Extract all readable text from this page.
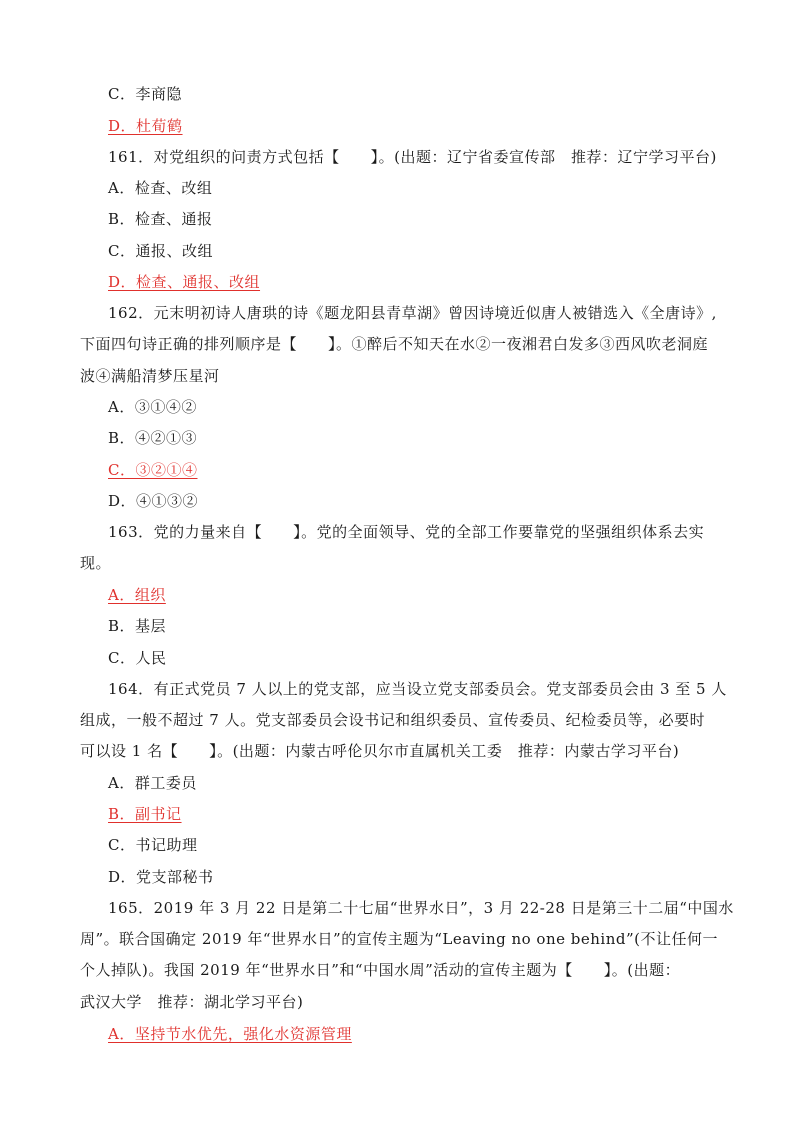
C．李商隐
D．杜荀鹤
161．对党组织的问责方式包括【　　】。(出题：辽宁省委宣传部　推荐：辽宁学习平台)
A．检查、改组
B．检查、通报
C．通报、改组
D．检查、通报、改组
162．元末明初诗人唐珙的诗《题龙阳县青草湖》曾因诗境近似唐人被错选入《全唐诗》,
下面四句诗正确的排列顺序是【　　】。①醉后不知天在水②一夜湘君白发多③西风吹老洞庭
波④满船清梦压星河
A．③①④②
B．④②①③
C．③②①④
D．④①③②
163．党的力量来自【　　】。党的全面领导、党的全部工作要靠党的坚强组织体系去实
现。
A．组织
B．基层
C．人民
164．有正式党员 7 人以上的党支部，应当设立党支部委员会。党支部委员会由 3 至 5 人
组成，一般不超过 7 人。党支部委员会设书记和组织委员、宣传委员、纪检委员等，必要时
可以设 1 名【　　】。(出题：内蒙古呼伦贝尔市直属机关工委　推荐：内蒙古学习平台)
A．群工委员
B．副书记
C．书记助理
D．党支部秘书
165．2019 年 3 月 22 日是第二十七届“世界水日”，3 月 22-28 日是第三十二届“中国水
周”。联合国确定 2019 年“世界水日”的宣传主题为“Leaving no one behind”(不让任何一
个人掉队)。我国 2019 年“世界水日”和“中国水周”活动的宣传主题为【　　】。(出题：
武汉大学　推荐：湖北学习平台)
A．坚持节水优先，强化水资源管理
